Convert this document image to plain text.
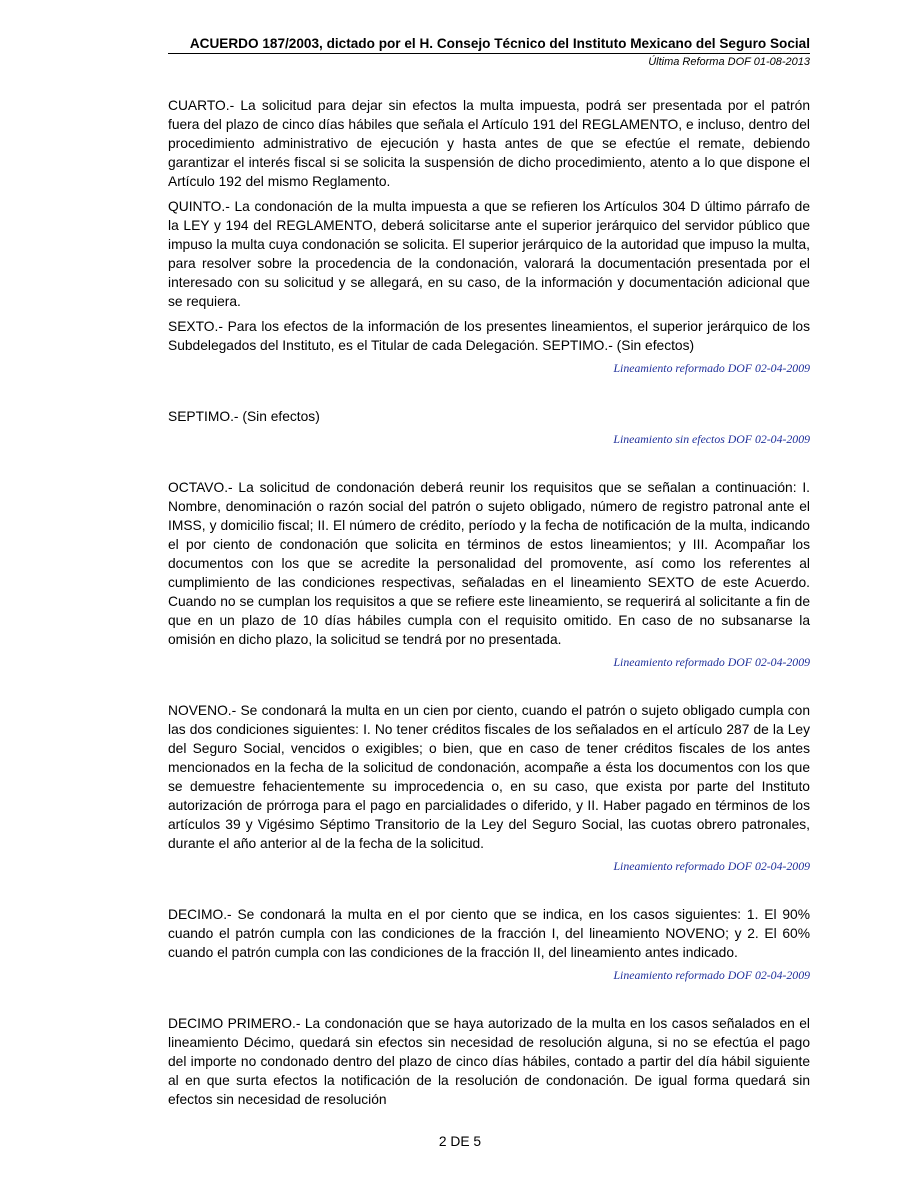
ACUERDO 187/2003, dictado por el H. Consejo Técnico del Instituto Mexicano del Seguro Social
Última Reforma DOF 01-08-2013

CUARTO.- La solicitud para dejar sin efectos la multa impuesta, podrá ser presentada por el patrón fuera del plazo de cinco días hábiles que señala el Artículo 191 del REGLAMENTO, e incluso, dentro del procedimiento administrativo de ejecución y hasta antes de que se efectúe el remate, debiendo garantizar el interés fiscal si se solicita la suspensión de dicho procedimiento, atento a lo que dispone el Artículo 192 del mismo Reglamento.

QUINTO.- La condonación de la multa impuesta a que se refieren los Artículos 304 D último párrafo de la LEY y 194 del REGLAMENTO, deberá solicitarse ante el superior jerárquico del servidor público que impuso la multa cuya condonación se solicita. El superior jerárquico de la autoridad que impuso la multa, para resolver sobre la procedencia de la condonación, valorará la documentación presentada por el interesado con su solicitud y se allegará, en su caso, de la información y documentación adicional que se requiera.

SEXTO.- Para los efectos de la información de los presentes lineamientos, el superior jerárquico de los Subdelegados del Instituto, es el Titular de cada Delegación. SEPTIMO.- (Sin efectos)

Lineamiento reformado DOF 02-04-2009

SEPTIMO.- (Sin efectos)

Lineamiento sin efectos DOF 02-04-2009

OCTAVO.- La solicitud de condonación deberá reunir los requisitos que se señalan a continuación: I. Nombre, denominación o razón social del patrón o sujeto obligado, número de registro patronal ante el IMSS, y domicilio fiscal; II. El número de crédito, período y la fecha de notificación de la multa, indicando el por ciento de condonación que solicita en términos de estos lineamientos; y III. Acompañar los documentos con los que se acredite la personalidad del promovente, así como los referentes al cumplimiento de las condiciones respectivas, señaladas en el lineamiento SEXTO de este Acuerdo. Cuando no se cumplan los requisitos a que se refiere este lineamiento, se requerirá al solicitante a fin de que en un plazo de 10 días hábiles cumpla con el requisito omitido. En caso de no subsanarse la omisión en dicho plazo, la solicitud se tendrá por no presentada.

Lineamiento reformado DOF 02-04-2009

NOVENO.- Se condonará la multa en un cien por ciento, cuando el patrón o sujeto obligado cumpla con las dos condiciones siguientes: I. No tener créditos fiscales de los señalados en el artículo 287 de la Ley del Seguro Social, vencidos o exigibles; o bien, que en caso de tener créditos fiscales de los antes mencionados en la fecha de la solicitud de condonación, acompañe a ésta los documentos con los que se demuestre fehacientemente su improcedencia o, en su caso, que exista por parte del Instituto autorización de prórroga para el pago en parcialidades o diferido, y II. Haber pagado en términos de los artículos 39 y Vigésimo Séptimo Transitorio de la Ley del Seguro Social, las cuotas obrero patronales, durante el año anterior al de la fecha de la solicitud.

Lineamiento reformado DOF 02-04-2009

DECIMO.- Se condonará la multa en el por ciento que se indica, en los casos siguientes: 1. El 90% cuando el patrón cumpla con las condiciones de la fracción I, del lineamiento NOVENO; y 2. El 60% cuando el patrón cumpla con las condiciones de la fracción II, del lineamiento antes indicado.

Lineamiento reformado DOF 02-04-2009

DECIMO PRIMERO.- La condonación que se haya autorizado de la multa en los casos señalados en el lineamiento Décimo, quedará sin efectos sin necesidad de resolución alguna, si no se efectúa el pago del importe no condonado dentro del plazo de cinco días hábiles, contado a partir del día hábil siguiente al en que surta efectos la notificación de la resolución de condonación. De igual forma quedará sin efectos sin necesidad de resolución

2 DE 5
